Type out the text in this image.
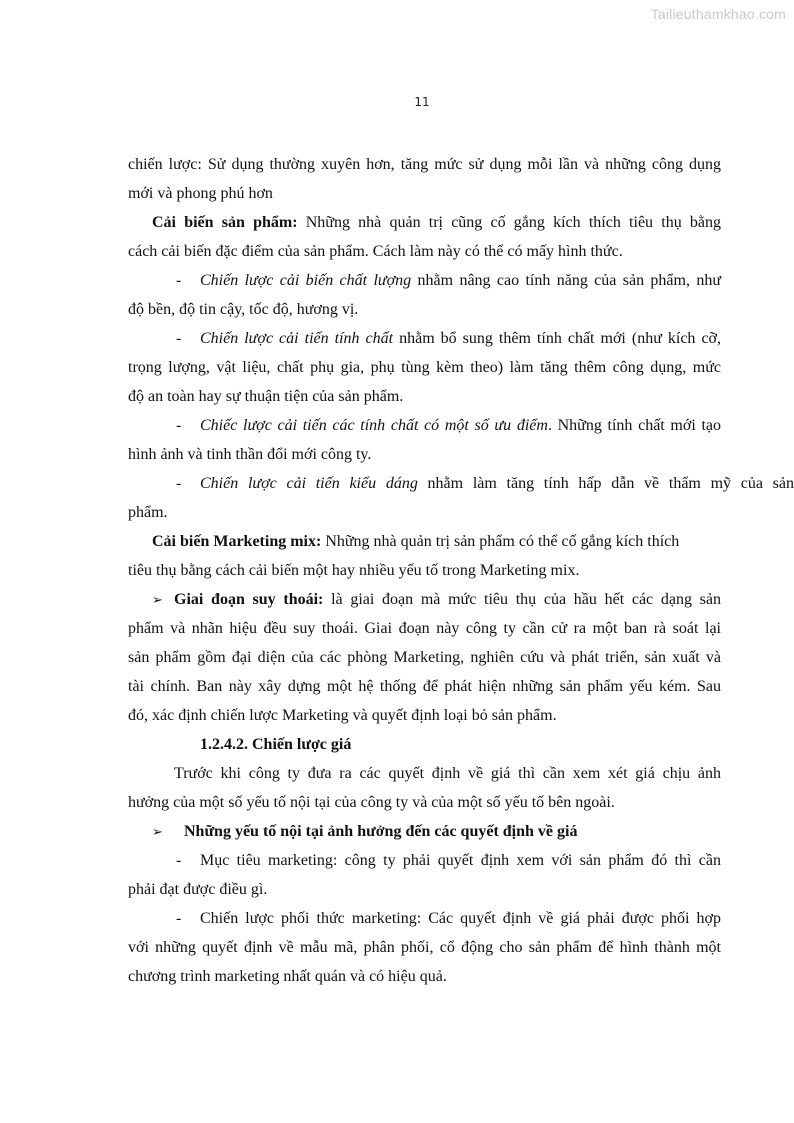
Tailieuthamkhao.com
11
chiến lược: Sử dụng thường xuyên hơn, tăng mức sử dụng mỗi lần và những công dụng
mới và phong phú hơn
Cải biến sản phẩm: Những nhà quản trị cũng cố gắng kích thích tiêu thụ bằng
cách cải biến đặc điểm của sản phẩm. Cách làm này có thể có mấy hình thức.
- Chiến lược cải biến chất lượng nhằm nâng cao tính năng của sản phẩm, như
độ bền, độ tin cậy, tốc độ, hương vị.
- Chiến lược cải tiến tính chất nhằm bổ sung thêm tính chất mới (như kích cỡ,
trọng lượng, vật liệu, chất phụ gia, phụ tùng kèm theo) làm tăng thêm công dụng, mức
độ an toàn hay sự thuận tiện của sản phẩm.
- Chiếc lược cải tiến các tính chất có một số ưu điểm. Những tính chất mới tạo
hình ảnh và tinh thần đổi mới công ty.
- Chiến lược cải tiến kiểu dáng nhằm làm tăng tính hấp dẫn về thẩm mỹ của sản
phẩm.
Cải biến Marketing mix: Những nhà quản trị sản phẩm có thể cố gắng kích thích
tiêu thụ bằng cách cải biến một hay nhiều yếu tố trong Marketing mix.
➢ Giai đoạn suy thoái: là giai đoạn mà mức tiêu thụ của hầu hết các dạng sản
phẩm và nhãn hiệu đều suy thoái. Giai đoạn này công ty cần cử ra một ban rà soát lại
sản phẩm gồm đại diện của các phòng Marketing, nghiên cứu và phát triển, sản xuất và
tài chính. Ban này xây dựng một hệ thống để phát hiện những sản phẩm yếu kém. Sau
đó, xác định chiến lược Marketing và quyết định loại bỏ sản phẩm.
1.2.4.2. Chiến lược giá
Trước khi công ty đưa ra các quyết định về giá thì cần xem xét giá chịu ảnh
hưởng của một số yếu tố nội tại của công ty và của một số yếu tố bên ngoài.
➢ Những yếu tố nội tại ảnh hưởng đến các quyết định về giá
- Mục tiêu marketing: công ty phải quyết định xem với sản phẩm đó thì cần
phải đạt được điều gì.
- Chiến lược phối thức marketing: Các quyết định về giá phải được phối hợp
với những quyết định về mẫu mã, phân phối, cổ động cho sản phẩm để hình thành một
chương trình marketing nhất quán và có hiệu quả.
